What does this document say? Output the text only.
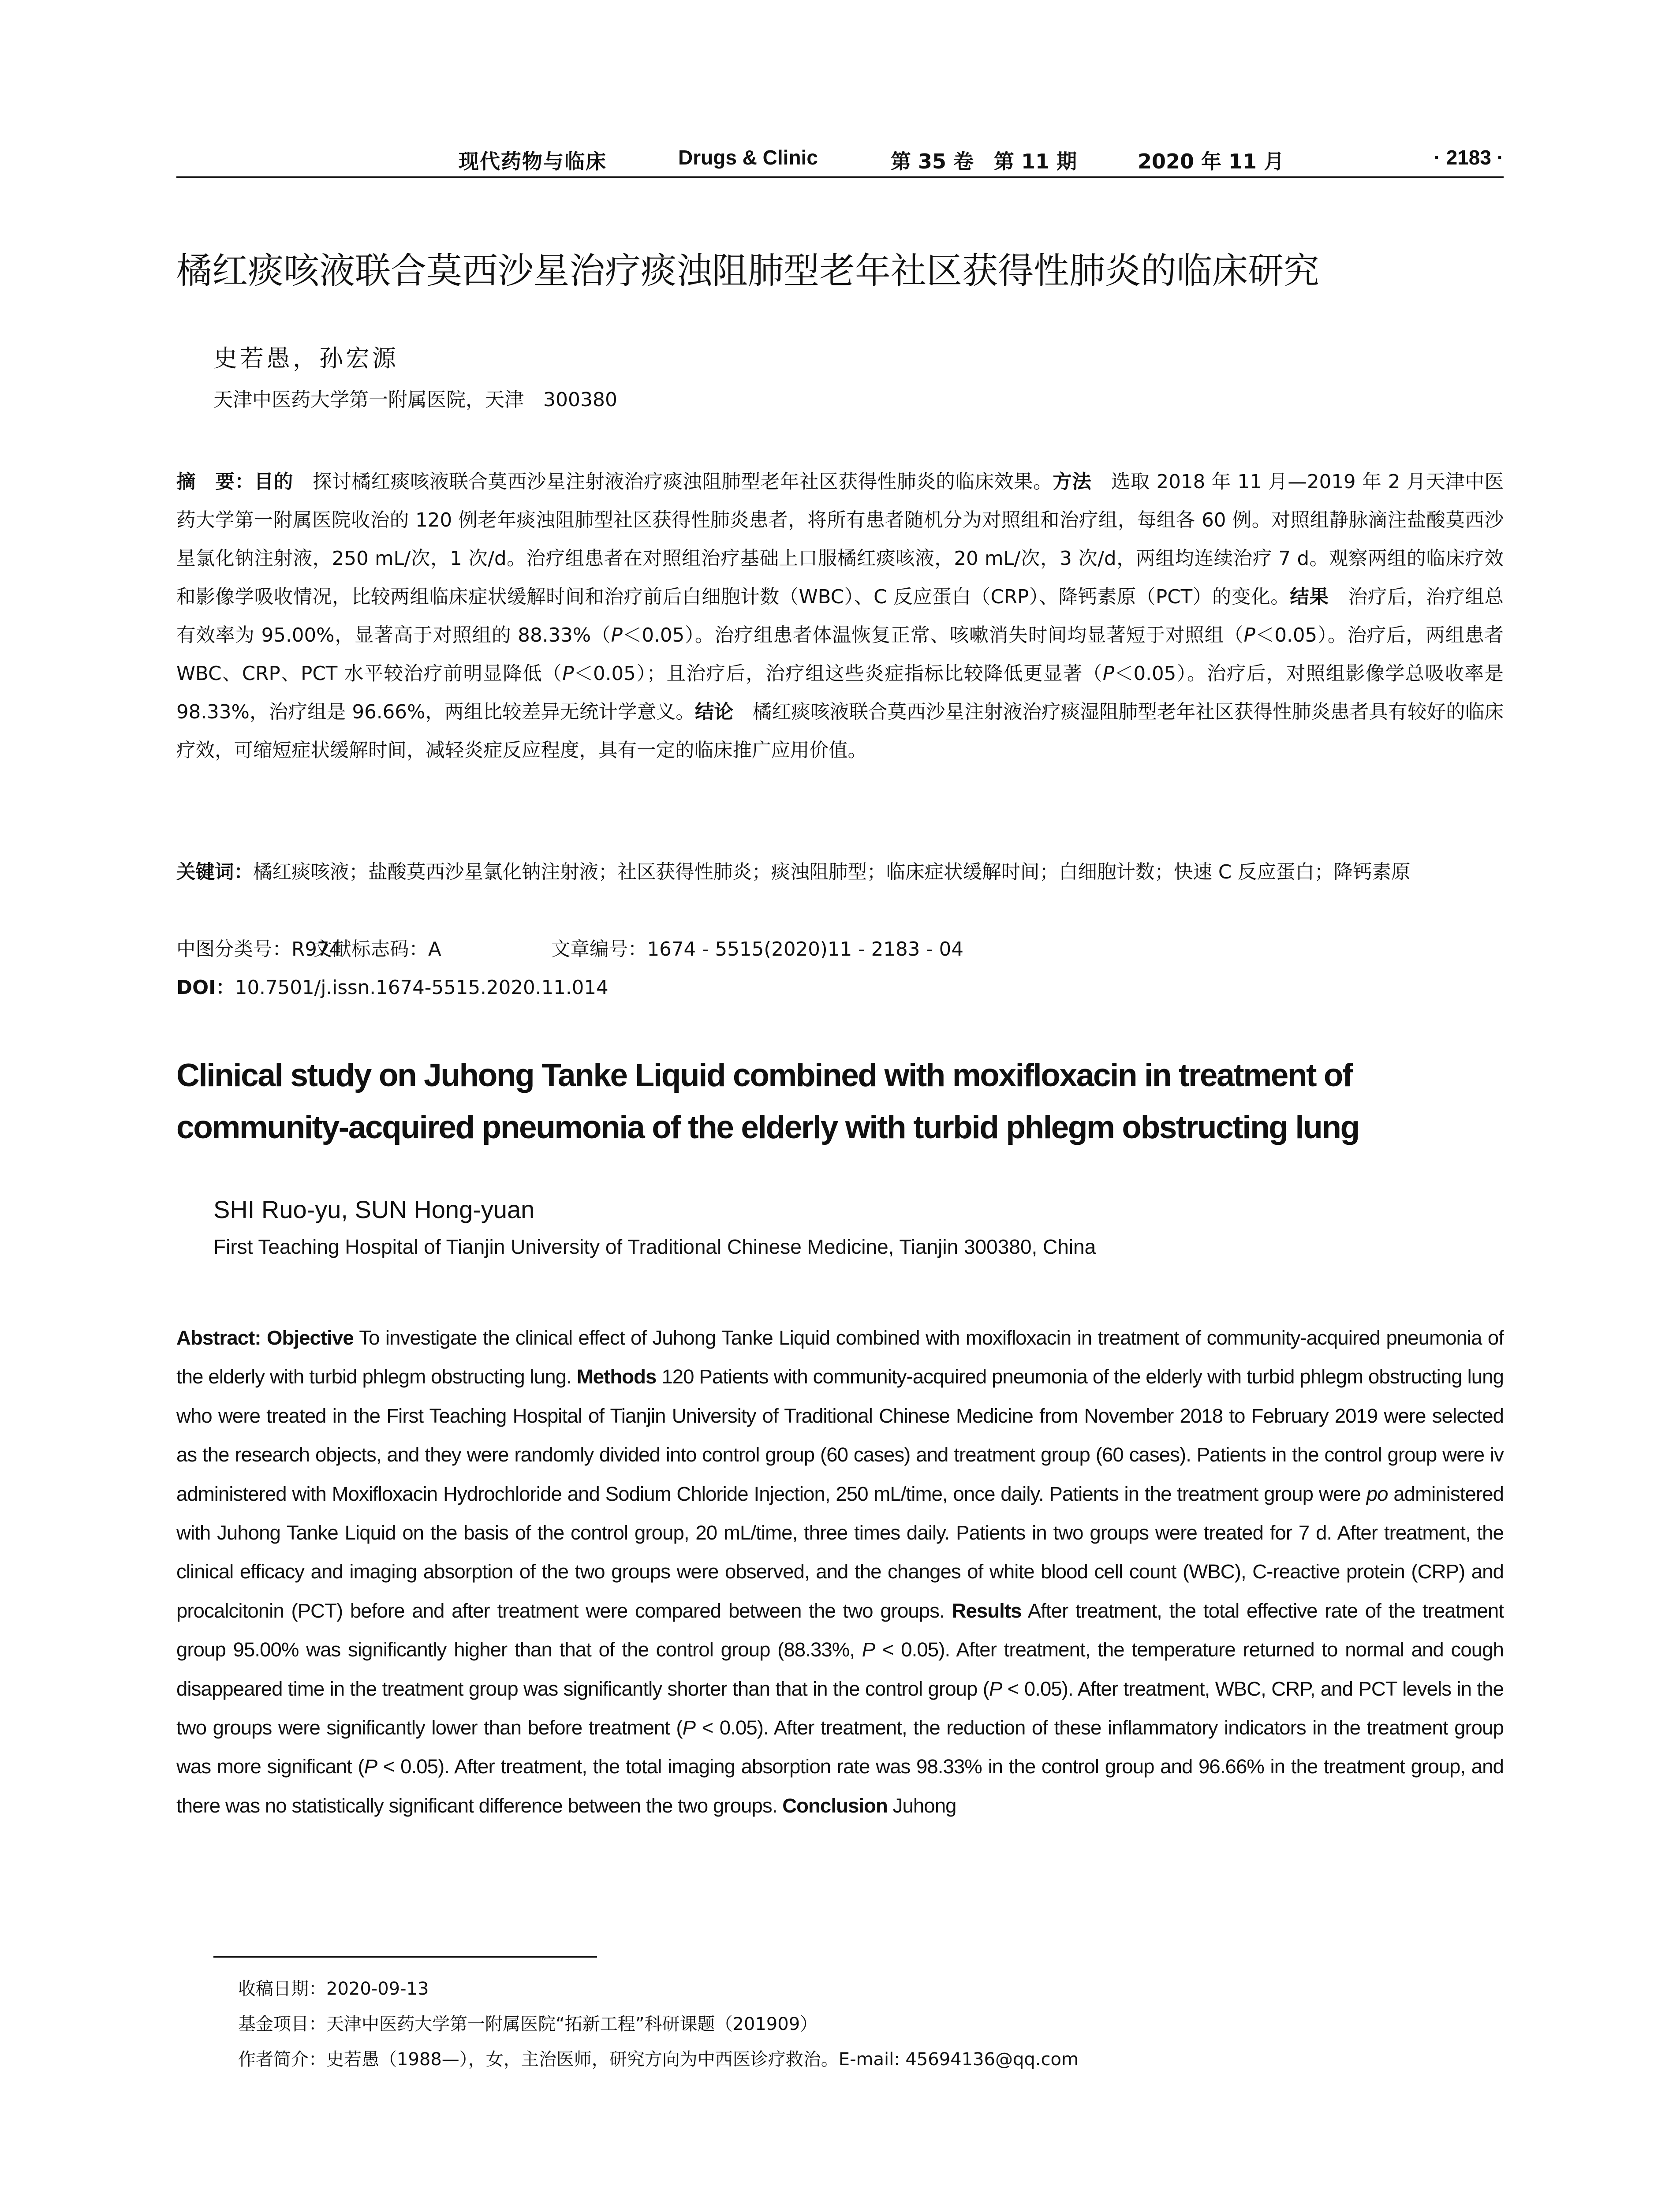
现代药物与临床	Drugs & Clinic	第 35 卷　第 11 期	2020 年 11 月	· 2183 ·
橘红痰咳液联合莫西沙星治疗痰浊阻肺型老年社区获得性肺炎的临床研究
史若愚，孙宏源
天津中医药大学第一附属医院，天津　300380

摘　要：目的　探讨橘红痰咳液联合莫西沙星注射液治疗痰浊阻肺型老年社区获得性肺炎的临床效果。方法　选取 2018 年 11 月—2019 年 2 月天津中医药大学第一附属医院收治的 120 例老年痰浊阻肺型社区获得性肺炎患者，将所有患者随机分为对照组和治疗组，每组各 60 例。对照组静脉滴注盐酸莫西沙星氯化钠注射液，250 mL/次，1 次/d。治疗组患者在对照组治疗基础上口服橘红痰咳液，20 mL/次，3 次/d，两组均连续治疗 7 d。观察两组的临床疗效和影像学吸收情况，比较两组临床症状缓解时间和治疗前后白细胞计数（WBC）、C 反应蛋白（CRP）、降钙素原（PCT）的变化。结果　治疗后，治疗组总有效率为 95.00%，显著高于对照组的 88.33%（P＜0.05）。治疗组患者体温恢复正常、咳嗽消失时间均显著短于对照组（P＜0.05）。治疗后，两组患者 WBC、CRP、PCT 水平较治疗前明显降低（P＜0.05）；且治疗后，治疗组这些炎症指标比较降低更显著（P＜0.05）。治疗后，对照组影像学总吸收率是 98.33%，治疗组是 96.66%，两组比较差异无统计学意义。结论　橘红痰咳液联合莫西沙星注射液治疗痰湿阻肺型老年社区获得性肺炎患者具有较好的临床疗效，可缩短症状缓解时间，减轻炎症反应程度，具有一定的临床推广应用价值。

关键词：橘红痰咳液；盐酸莫西沙星氯化钠注射液；社区获得性肺炎；痰浊阻肺型；临床症状缓解时间；白细胞计数；快速 C 反应蛋白；降钙素原
中图分类号：R974文献标志码：A	文章编号：1674 - 5515(2020)11 - 2183 - 04
DOI：10.7501/j.issn.1674-5515.2020.11.014
Clinical study on Juhong Tanke Liquid combined with moxifloxacin in treatment of community-acquired pneumonia of the elderly with turbid phlegm obstructing lung
SHI Ruo-yu, SUN Hong-yuan
First Teaching Hospital of Tianjin University of Traditional Chinese Medicine, Tianjin 300380, China

Abstract: Objective To investigate the clinical effect of Juhong Tanke Liquid combined with moxifloxacin in treatment of community-acquired pneumonia of the elderly with turbid phlegm obstructing lung. Methods 120 Patients with community-acquired pneumonia of the elderly with turbid phlegm obstructing lung who were treated in the First Teaching Hospital of Tianjin University of Traditional Chinese Medicine from November 2018 to February 2019 were selected as the research objects, and they were randomly divided into control group (60 cases) and treatment group (60 cases). Patients in the control group were iv administered with Moxifloxacin Hydrochloride and Sodium Chloride Injection, 250 mL/time, once daily. Patients in the treatment group were po administered with Juhong Tanke Liquid on the basis of the control group, 20 mL/time, three times daily. Patients in two groups were treated for 7 d. After treatment, the clinical efficacy and imaging absorption of the two groups were observed, and the changes of white blood cell count (WBC), C-reactive protein (CRP) and procalcitonin (PCT) before and after treatment were compared between the two groups. Results After treatment, the total effective rate of the treatment group 95.00% was significantly higher than that of the control group (88.33%, P < 0.05). After treatment, the temperature returned to normal and cough disappeared time in the treatment group was significantly shorter than that in the control group (P < 0.05). After treatment, WBC, CRP, and PCT levels in the two groups were significantly lower than before treatment (P < 0.05). After treatment, the reduction of these inflammatory indicators in the treatment group was more significant (P < 0.05). After treatment, the total imaging absorption rate was 98.33% in the control group and 96.66% in the treatment group, and there was no statistically significant difference between the two groups. Conclusion Juhong

收稿日期：2020-09-13
基金项目：天津中医药大学第一附属医院“拓新工程”科研课题（201909）
作者简介：史若愚（1988—），女，主治医师，研究方向为中西医诊疗救治。E-mail: 45694136@qq.com
